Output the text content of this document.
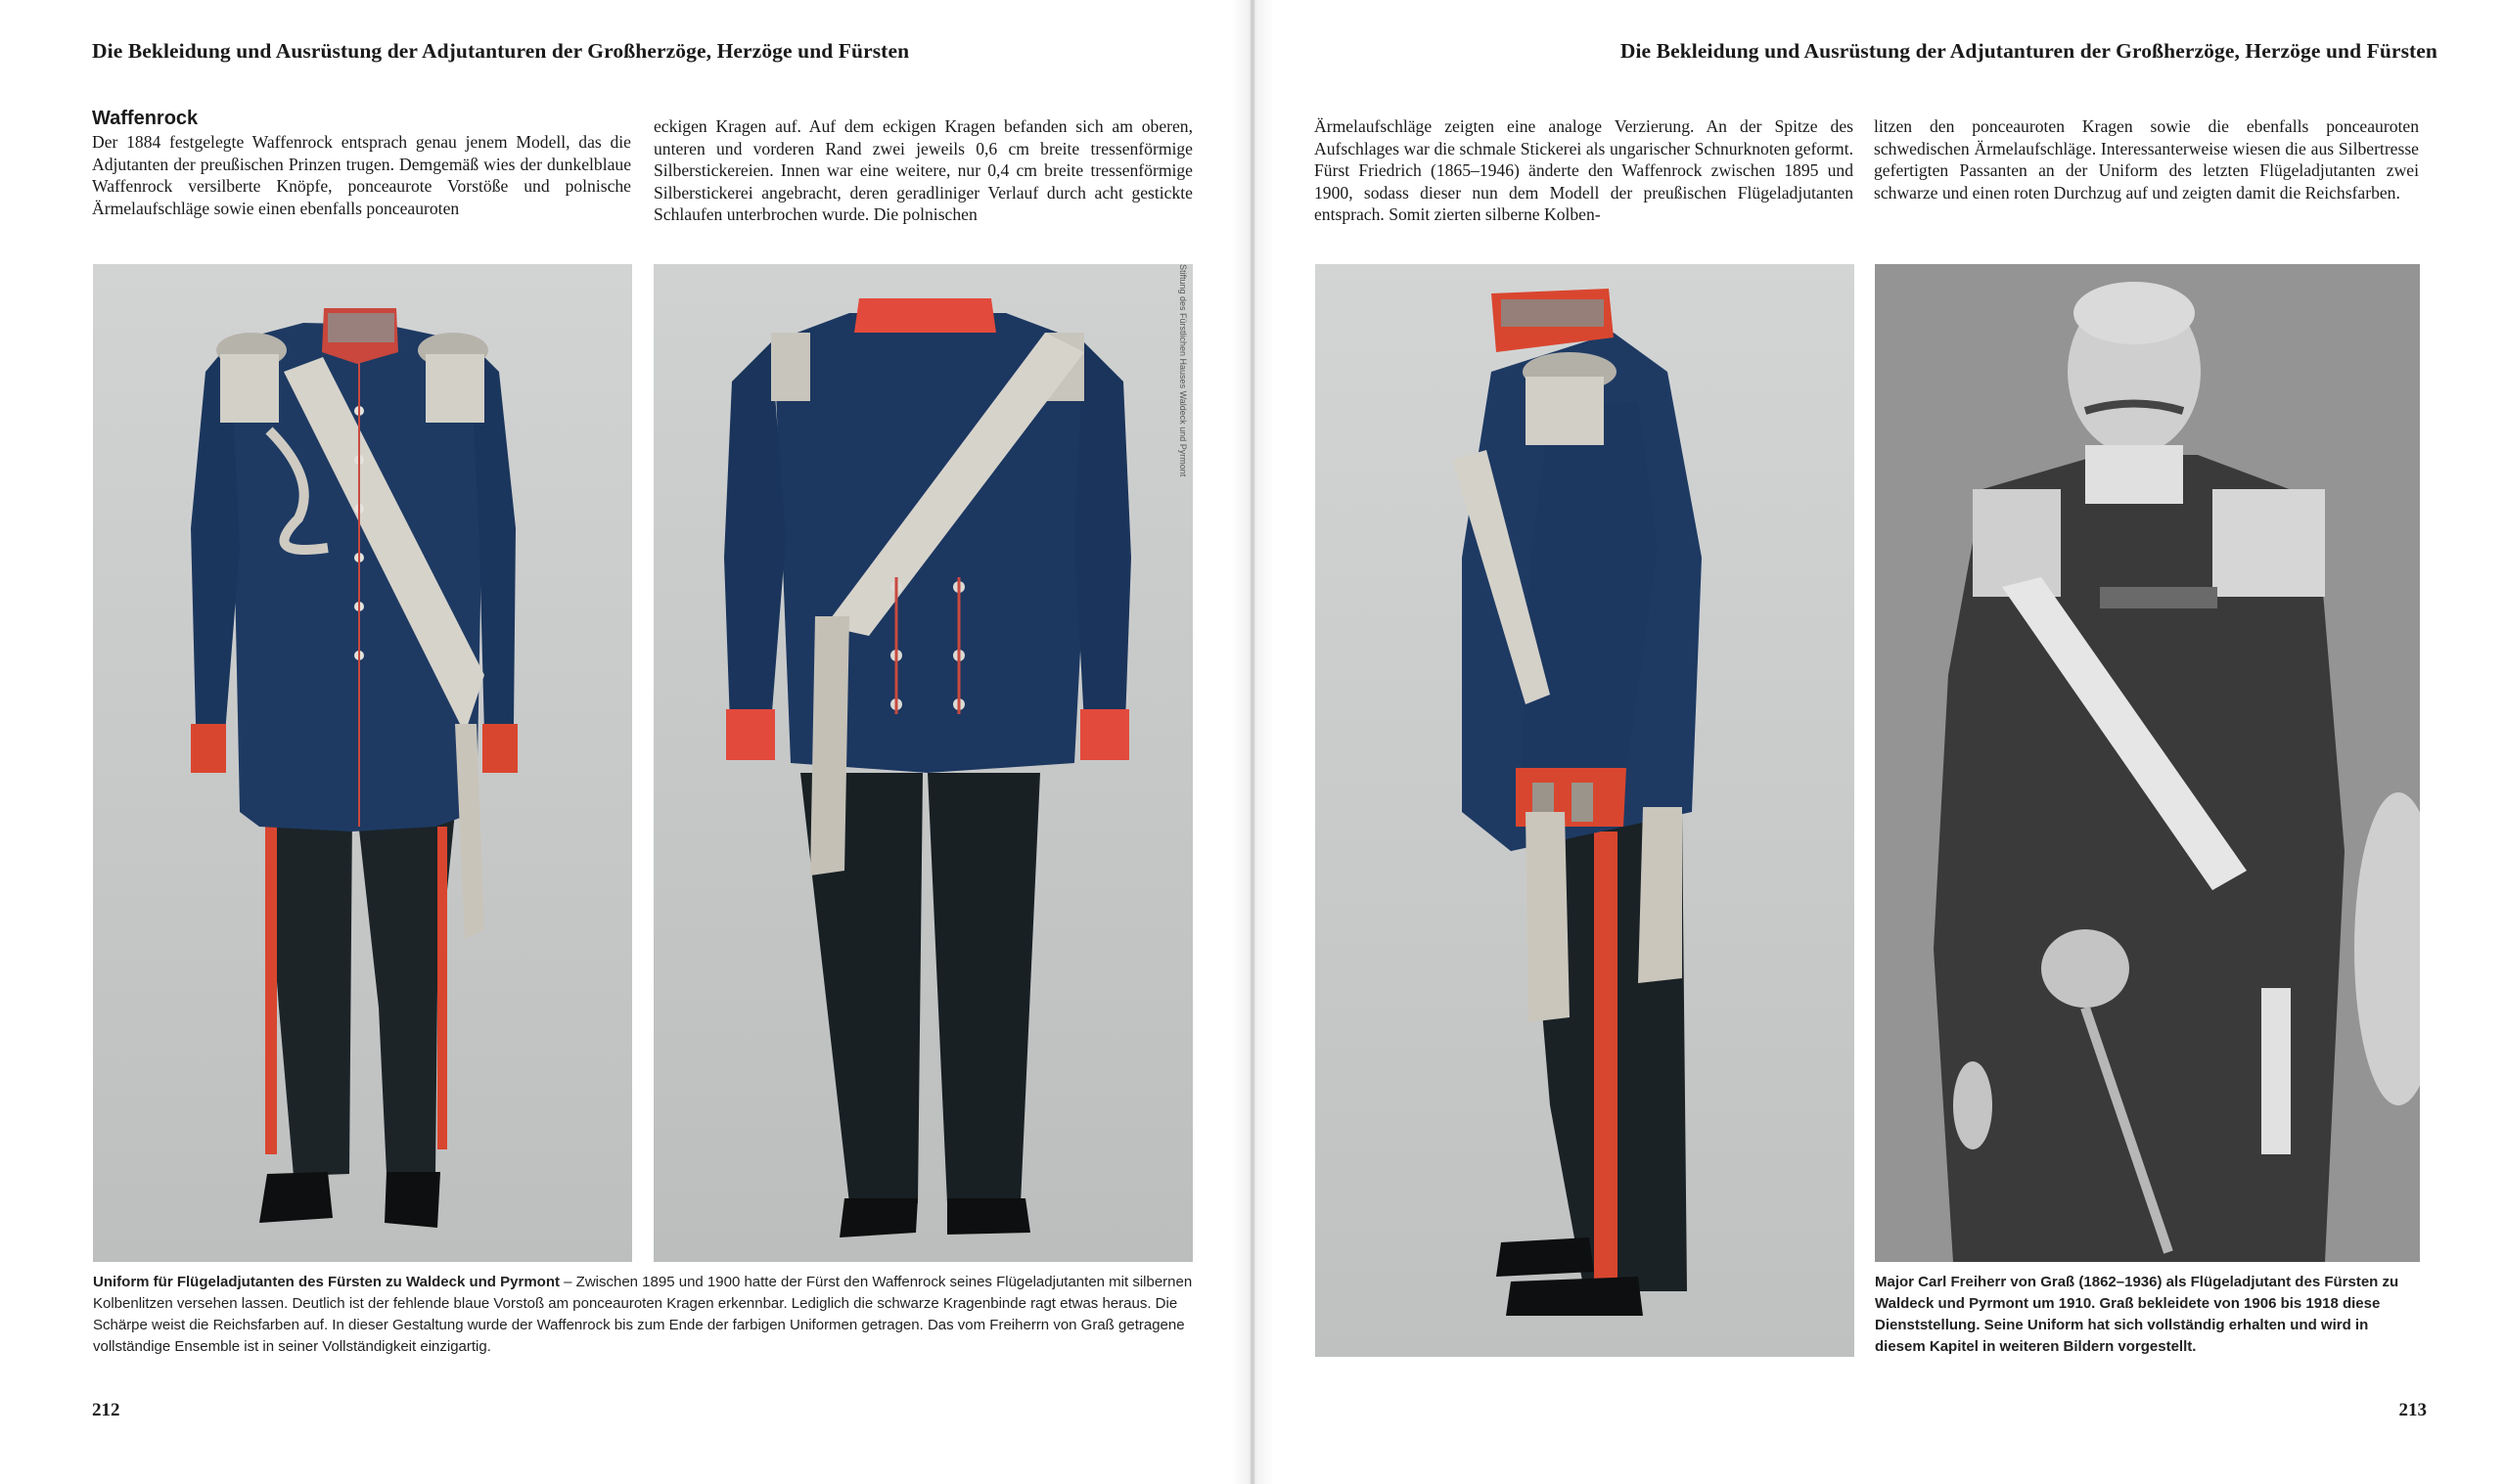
Die Bekleidung und Ausrüstung der Adjutanturen der Großherzöge, Herzöge und Fürsten
Waffenrock

Der 1884 festgelegte Waffenrock entsprach genau jenem Modell, das die Adjutanten der preußischen Prinzen trugen. Demgemäß wies der dunkelblaue Waffenrock versilberte Knöpfe, ponceaurote Vorstöße und polnische Ärmelaufschläge sowie einen ebenfalls ponceauroten

eckigen Kragen auf. Auf dem eckigen Kragen befanden sich am oberen, unteren und vorderen Rand zwei jeweils 0,6 cm breite tressenförmige Silberstickereien. Innen war eine weitere, nur 0,4 cm breite tressenförmige Silberstickerei angebracht, deren geradliniger Verlauf durch acht gestickte Schlaufen unterbrochen wurde. Die polnischen

Stiftung des Fürstlichen Hauses Waldeck und Pyrmont
Uniform für Flügeladjutanten des Fürsten zu Waldeck und Pyrmont – Zwischen 1895 und 1900 hatte der Fürst den Waffenrock seines Flügeladjutanten mit silbernen Kolbenlitzen versehen lassen. Deutlich ist der fehlende blaue Vorstoß am ponceauroten Kragen erkennbar. Lediglich die schwarze Kragenbinde ragt etwas heraus. Die Schärpe weist die Reichsfarben auf. In dieser Gestaltung wurde der Waffenrock bis zum Ende der farbigen Uniformen getragen. Das vom Freiherrn von Graß getragene vollständige Ensemble ist in seiner Vollständigkeit einzigartig.
212
Die Bekleidung und Ausrüstung der Adjutanturen der Großherzöge, Herzöge und Fürsten

Ärmelaufschläge zeigten eine analoge Verzierung. An der Spitze des Aufschlages war die schmale Stickerei als ungarischer Schnurknoten geformt. Fürst Friedrich (1865–1946) änderte den Waffenrock zwischen 1895 und 1900, sodass dieser nun dem Modell der preußischen Flügeladjutanten entsprach. Somit zierten silberne Kolben-

litzen den ponceauroten Kragen sowie die ebenfalls ponceauroten schwedischen Ärmelaufschläge. Interessanterweise wiesen die aus Silbertresse gefertigten Passanten an der Uniform des letzten Flügeladjutanten zwei schwarze und einen roten Durchzug auf und zeigten damit die Reichsfarben.

Major Carl Freiherr von Graß (1862–1936) als Flügeladjutant des Fürsten zu Waldeck und Pyrmont um 1910. Graß bekleidete von 1906 bis 1918 diese Dienststellung. Seine Uniform hat sich vollständig erhalten und wird in diesem Kapitel in weiteren Bildern vorgestellt.
213
